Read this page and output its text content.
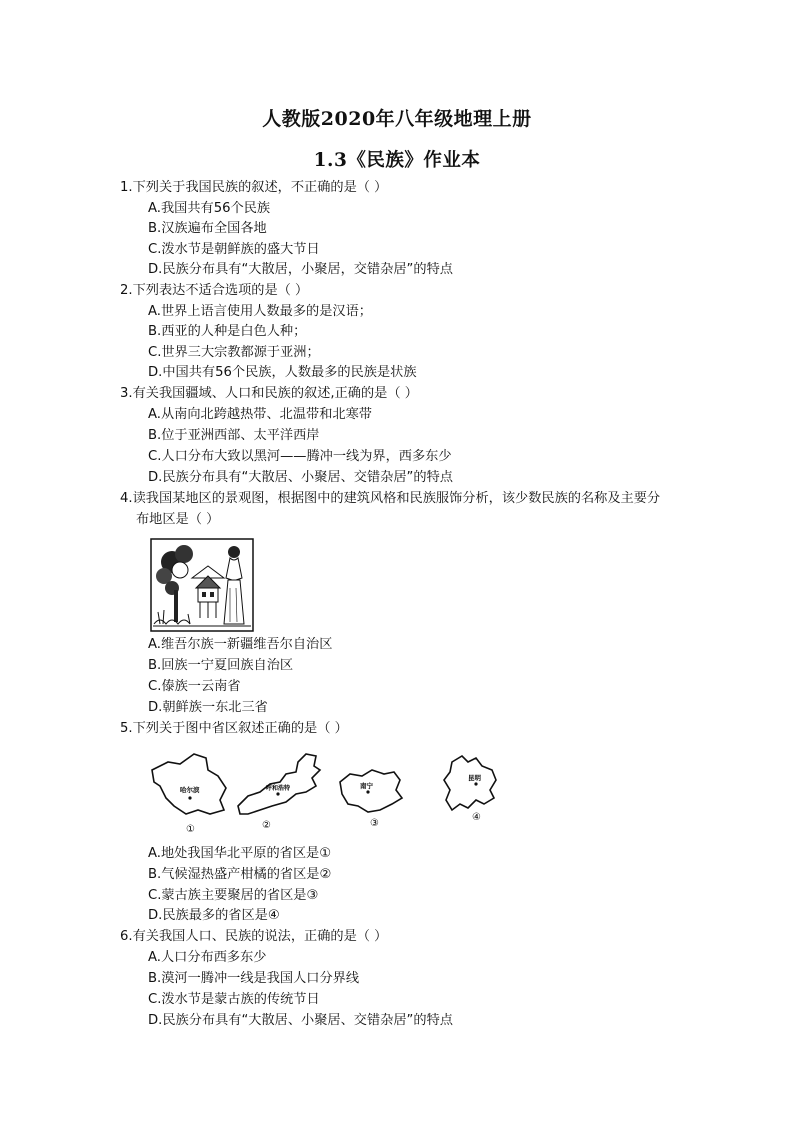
人教版2020年八年级地理上册
1.3《民族》作业本
1.下列关于我国民族的叙述，不正确的是（ ）
A.我国共有56个民族
B.汉族遍布全国各地
C.泼水节是朝鲜族的盛大节日
D.民族分布具有“大散居，小聚居，交错杂居”的特点
2.下列表达不适合选项的是（ ）
A.世界上语言使用人数最多的是汉语；
B.西亚的人种是白色人种；
C.世界三大宗教都源于亚洲；
D.中国共有56个民族，人数最多的民族是状族
3.有关我国疆域、人口和民族的叙述,正确的是（ ）
A.从南向北跨越热带、北温带和北寒带
B.位于亚洲西部、太平洋西岸
C.人口分布大致以黑河——腾冲一线为界，西多东少
D.民族分布具有“大散居、小聚居、交错杂居”的特点
4.读我国某地区的景观图，根据图中的建筑风格和民族服饰分析，该少数民族的名称及主要分
布地区是（ ）
A.维吾尔族一新疆维吾尔自治区
B.回族一宁夏回族自治区
C.傣族一云南省
D.朝鲜族一东北三省
5.下列关于图中省区叙述正确的是（ ）
哈尔滨
①
呼和浩特
②
南宁
③
昆明
④
A.地处我国华北平原的省区是①
B.气候湿热盛产柑橘的省区是②
C.蒙古族主要聚居的省区是③
D.民族最多的省区是④
6.有关我国人口、民族的说法，正确的是（ ）
A.人口分布西多东少
B.漠河一腾冲一线是我国人口分界线
C.泼水节是蒙古族的传统节日
D.民族分布具有“大散居、小聚居、交错杂居”的特点
